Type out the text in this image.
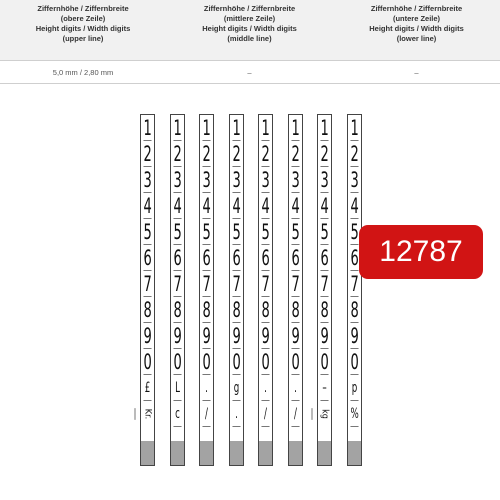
Ziffernhöhe / Ziffernbreite
(obere Zeile)
Height digits / Width digits
(upper line)
Ziffernhöhe / Ziffernbreite
(mittlere Zeile)
Height digits / Width digits
(middle line)
Ziffernhöhe / Ziffernbreite
(untere Zeile)
Height digits / Width digits
(lower line)
5,0 mm / 2,80 mm	–	–
1
2
3
4
5
6
7
8
9
0
£
Kr.
1
2
3
4
5
6
7
8
9
0
L
c
1
2
3
4
5
6
7
8
9
0
.
/
1
2
3
4
5
6
7
8
9
0
g
.
1
2
3
4
5
6
7
8
9
0
.
/
1
2
3
4
5
6
7
8
9
0
.
/
1
2
3
4
5
6
7
8
9
0
–
kg
1
2
3
4
5
6
7
8
9
0
p
%
12787
